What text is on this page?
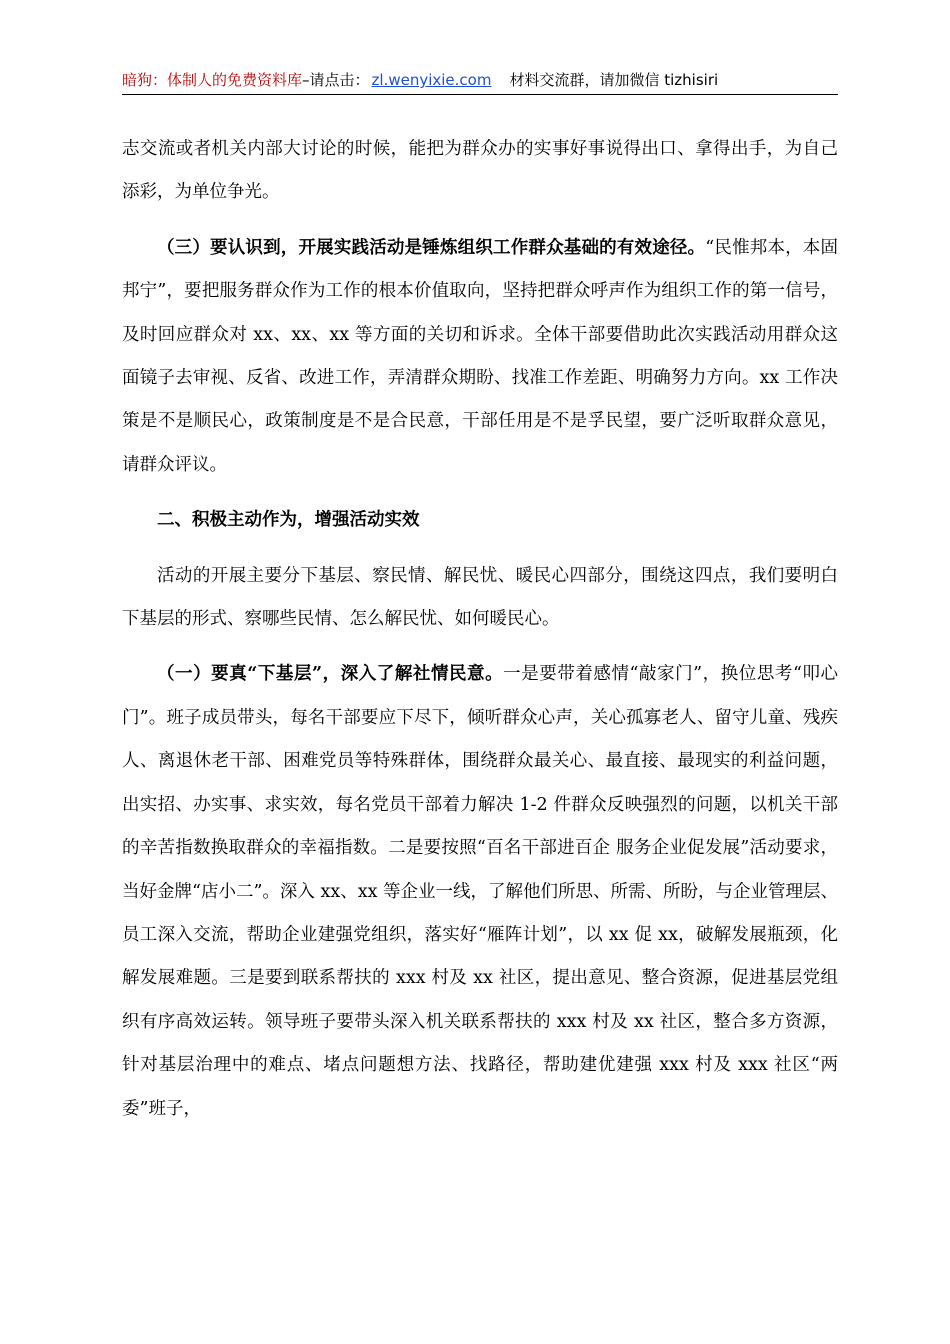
暗狗：体制人的免费资料库–请点击： zl.wenyixie.com 材料交流群，请加微信 tizhisiri

志交流或者机关内部大讨论的时候，能把为群众办的实事好事说得出口、拿得出手，为自己添彩，为单位争光。

（三）要认识到，开展实践活动是锤炼组织工作群众基础的有效途径。“民惟邦本，本固邦宁”，要把服务群众作为工作的根本价值取向，坚持把群众呼声作为组织工作的第一信号，及时回应群众对 xx、xx、xx 等方面的关切和诉求。全体干部要借助此次实践活动用群众这面镜子去审视、反省、改进工作，弄清群众期盼、找准工作差距、明确努力方向。xx 工作决策是不是顺民心，政策制度是不是合民意，干部任用是不是孚民望，要广泛听取群众意见，请群众评议。

二、积极主动作为，增强活动实效

活动的开展主要分下基层、察民情、解民忧、暖民心四部分，围绕这四点，我们要明白下基层的形式、察哪些民情、怎么解民忧、如何暖民心。

（一）要真“下基层”，深入了解社情民意。一是要带着感情“敲家门”，换位思考“叩心门”。班子成员带头，每名干部要应下尽下，倾听群众心声，关心孤寡老人、留守儿童、残疾人、离退休老干部、困难党员等特殊群体，围绕群众最关心、最直接、最现实的利益问题，出实招、办实事、求实效，每名党员干部着力解决 1-2 件群众反映强烈的问题，以机关干部的辛苦指数换取群众的幸福指数。二是要按照“百名干部进百企 服务企业促发展”活动要求，当好金牌“店小二”。深入 xx、xx 等企业一线，了解他们所思、所需、所盼，与企业管理层、员工深入交流，帮助企业建强党组织，落实好“雁阵计划”，以 xx 促 xx，破解发展瓶颈，化解发展难题。三是要到联系帮扶的 xxx 村及 xx 社区，提出意见、整合资源，促进基层党组织有序高效运转。领导班子要带头深入机关联系帮扶的 xxx 村及 xx 社区，整合多方资源，针对基层治理中的难点、堵点问题想方法、找路径，帮助建优建强 xxx 村及 xxx 社区“两委”班子，
